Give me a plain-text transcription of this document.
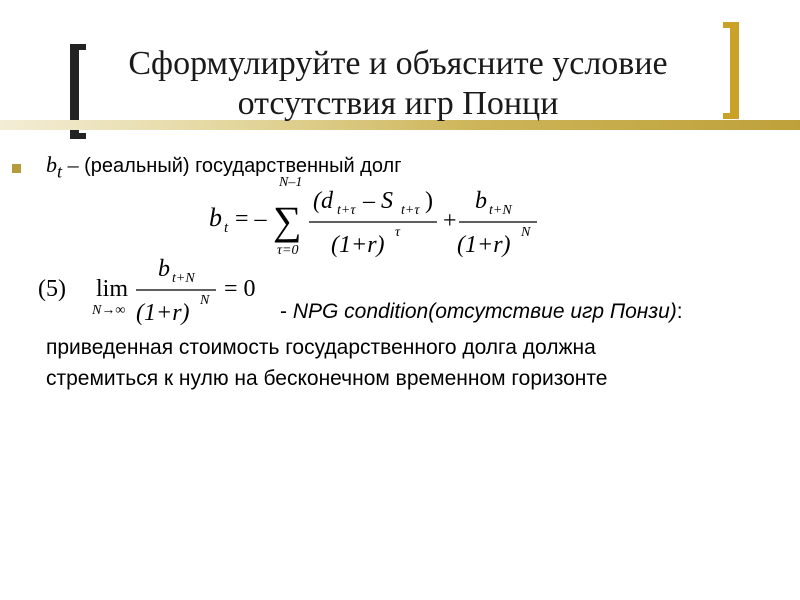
Сформулируйте и объясните условие
отсутствия игр Понци
$b_t$ – (реальный) государственный долг
b t = –
N–1
∑
τ=0
(d t+τ – S t+τ )
(1+r) τ +
b t+N
(1+r) N
(5) lim
N→∞
b t+N
(1+r) N = 0
- NPG condition(отсутствие игр Понзи):
приведенная стоимость государственного долга должна
стремиться к нулю на бесконечном временном горизонте
